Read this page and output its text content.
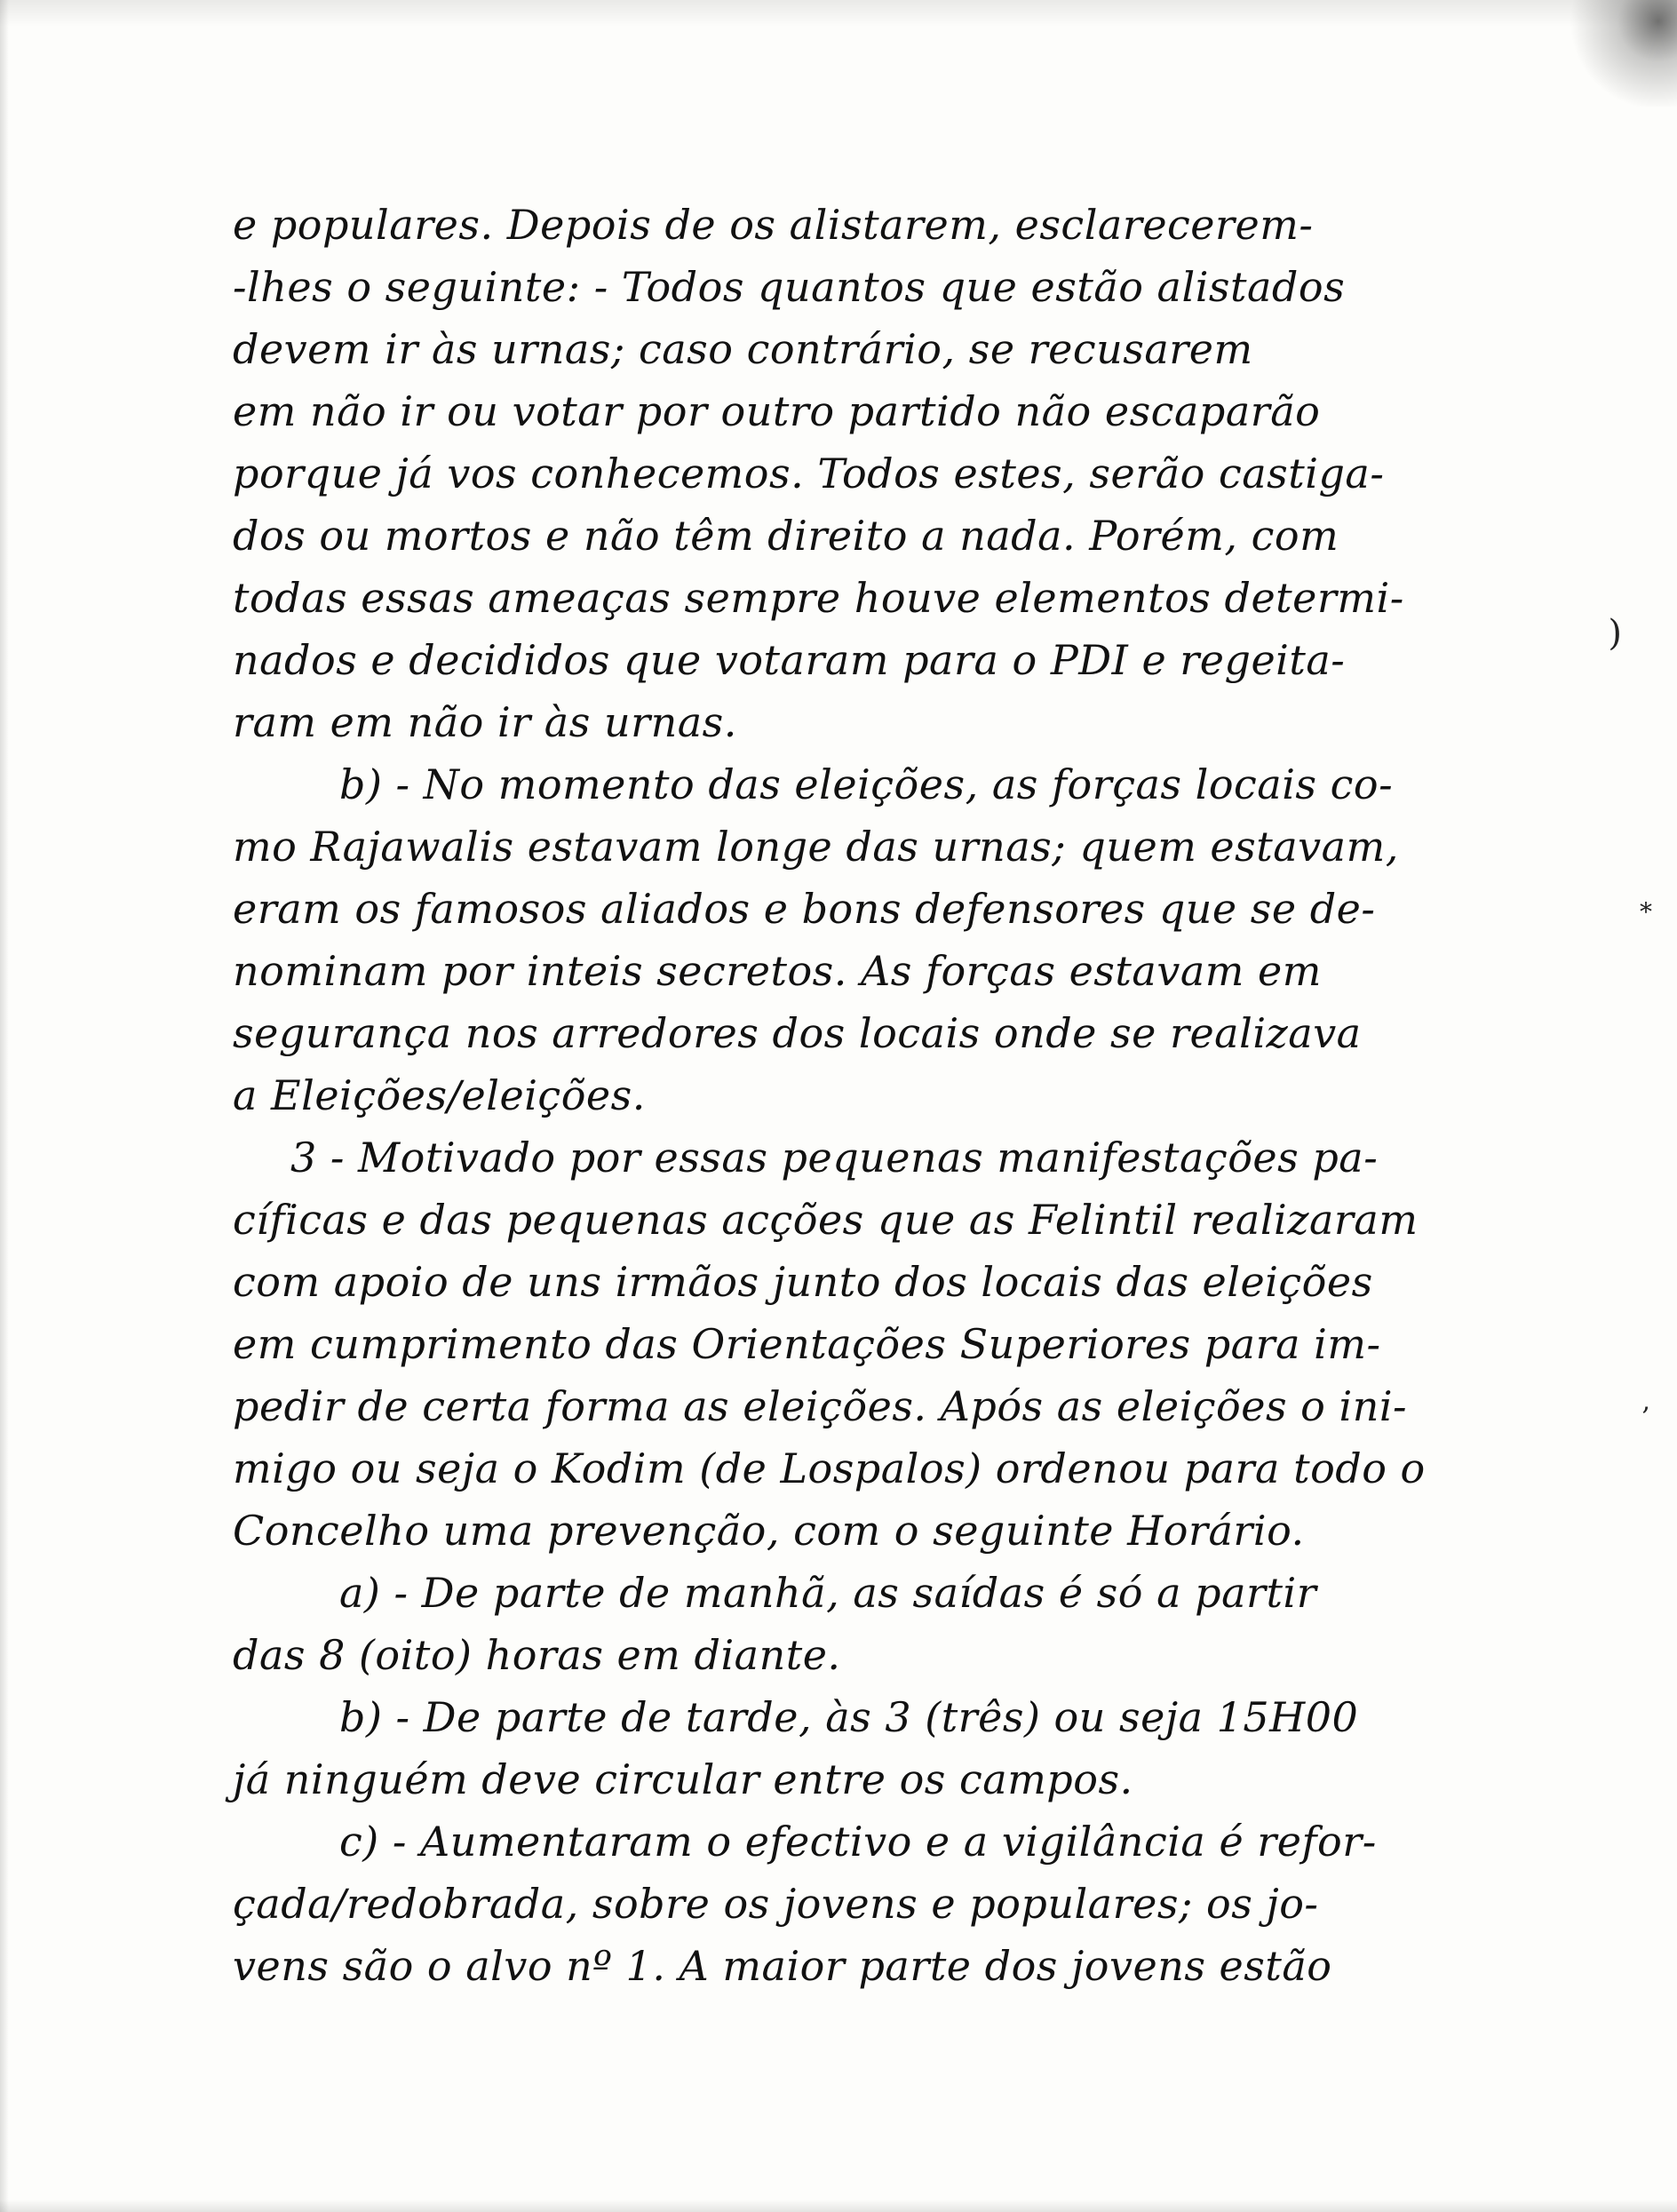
)
*
,
e populares. Depois de os alistarem, esclarecerem-
-lhes o seguinte: - Todos quantos que estão alistados
devem ir às urnas; caso contrário, se recusarem
em não ir ou votar por outro partido não escaparão
porque já vos conhecemos. Todos estes, serão castiga-
dos ou mortos e não têm direito a nada. Porém, com
todas essas ameaças sempre houve elementos determi-
nados e decididos que votaram para o PDI e regeita-
ram em não ir às urnas.
b) - No momento das eleições, as forças locais co-
mo Rajawalis estavam longe das urnas; quem estavam,
eram os famosos aliados e bons defensores que se de-
nominam por inteis secretos. As forças estavam em
segurança nos arredores dos locais onde se realizava
a Eleições/eleições.
3 - Motivado por essas pequenas manifestações pa-
cíficas e das pequenas acções que as Felintil realizaram
com apoio de uns irmãos junto dos locais das eleições
em cumprimento das Orientações Superiores para im-
pedir de certa forma as eleições. Após as eleições o ini-
migo ou seja o Kodim (de Lospalos) ordenou para todo o
Concelho uma prevenção, com o seguinte Horário.
a) - De parte de manhã, as saídas é só a partir
das 8 (oito) horas em diante.
b) - De parte de tarde, às 3 (três) ou seja 15H00
já ninguém deve circular entre os campos.
c) - Aumentaram o efectivo e a vigilância é refor-
çada/redobrada, sobre os jovens e populares; os jo-
vens são o alvo nº 1. A maior parte dos jovens estão
